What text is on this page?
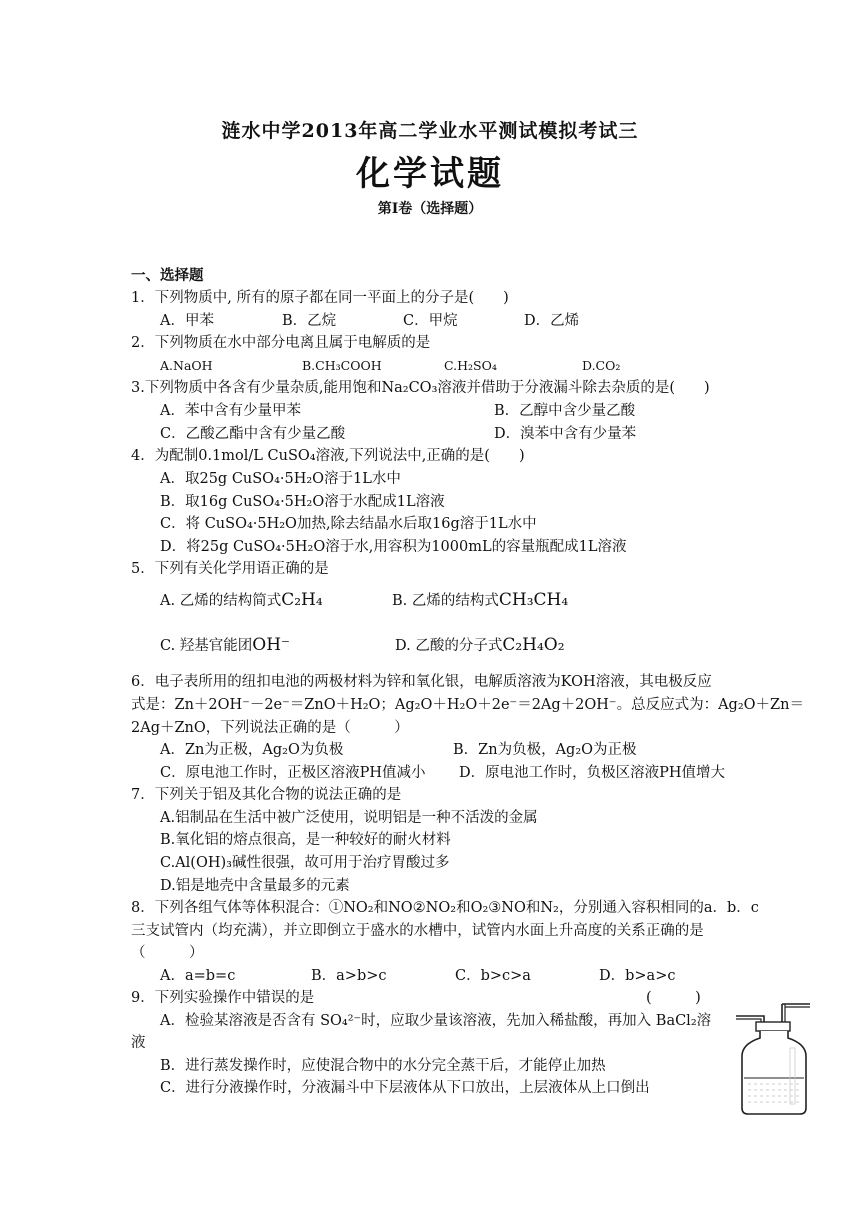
涟水中学2013年高二学业水平测试模拟考试三
化学试题
第I卷（选择题）
一、选择题
1．下列物质中, 所有的原子都在同一平面上的分子是(　　)
A．甲苯	B．乙烷	C．甲烷	D．乙烯
2．下列物质在水中部分电离且属于电解质的是
A.NaOH	B.CH₃COOH	C.H₂SO₄	D.CO₂
3.下列物质中各含有少量杂质,能用饱和Na₂CO₃溶液并借助于分液漏斗除去杂质的是(　　)
A．苯中含有少量甲苯	B．乙醇中含少量乙酸
C．乙酸乙酯中含有少量乙酸	D．溴苯中含有少量苯
4．为配制0.1mol/L CuSO₄溶液,下列说法中,正确的是(　　)
A．取25g CuSO₄·5H₂O溶于1L水中
B．取16g CuSO₄·5H₂O溶于水配成1L溶液
C．将 CuSO₄·5H₂O加热,除去结晶水后取16g溶于1L水中
D．将25g CuSO₄·5H₂O溶于水,用容积为1000mL的容量瓶配成1L溶液
5．下列有关化学用语正确的是
A. 乙烯的结构简式C₂H₄	B. 乙烯的结构式CH₃CH₄
C. 羟基官能团OH⁻	D. 乙酸的分子式C₂H₄O₂
6．电子表所用的纽扣电池的两极材料为锌和氧化银，电解质溶液为KOH溶液，其电极反应
式是：Zn＋2OH⁻－2e⁻＝ZnO＋H₂O；Ag₂O＋H₂O＋2e⁻＝2Ag＋2OH⁻。总反应式为：Ag₂O＋Zn＝
2Ag＋ZnO，下列说法正确的是（　　　）
A．Zn为正极，Ag₂O为负极	B．Zn为负极，Ag₂O为正极
C．原电池工作时，正极区溶液PH值减小 D．原电池工作时，负极区溶液PH值增大
7．下列关于铝及其化合物的说法正确的是
A.铝制品在生活中被广泛使用，说明铝是一种不活泼的金属
B.氧化铝的熔点很高，是一种较好的耐火材料
C.Al(OH)₃碱性很强，故可用于治疗胃酸过多
D.铝是地壳中含量最多的元素
8．下列各组气体等体积混合：①NO₂和NO②NO₂和O₂③NO和N₂，分别通入容积相同的a．b．c
三支试管内（均充满），并立即倒立于盛水的水槽中，试管内水面上升高度的关系正确的是
（　　　）
A．a=b=c	B．a>b>c	C．b>c>a	D．b>a>c
9．下列实验操作中错误的是	(　　　)
A．检验某溶液是否含有 SO₄²⁻时，应取少量该溶液，先加入稀盐酸，再加入 BaCl₂溶
液
B．进行蒸发操作时，应使混合物中的水分完全蒸干后，才能停止加热
C．进行分液操作时，分液漏斗中下层液体从下口放出，上层液体从上口倒出
